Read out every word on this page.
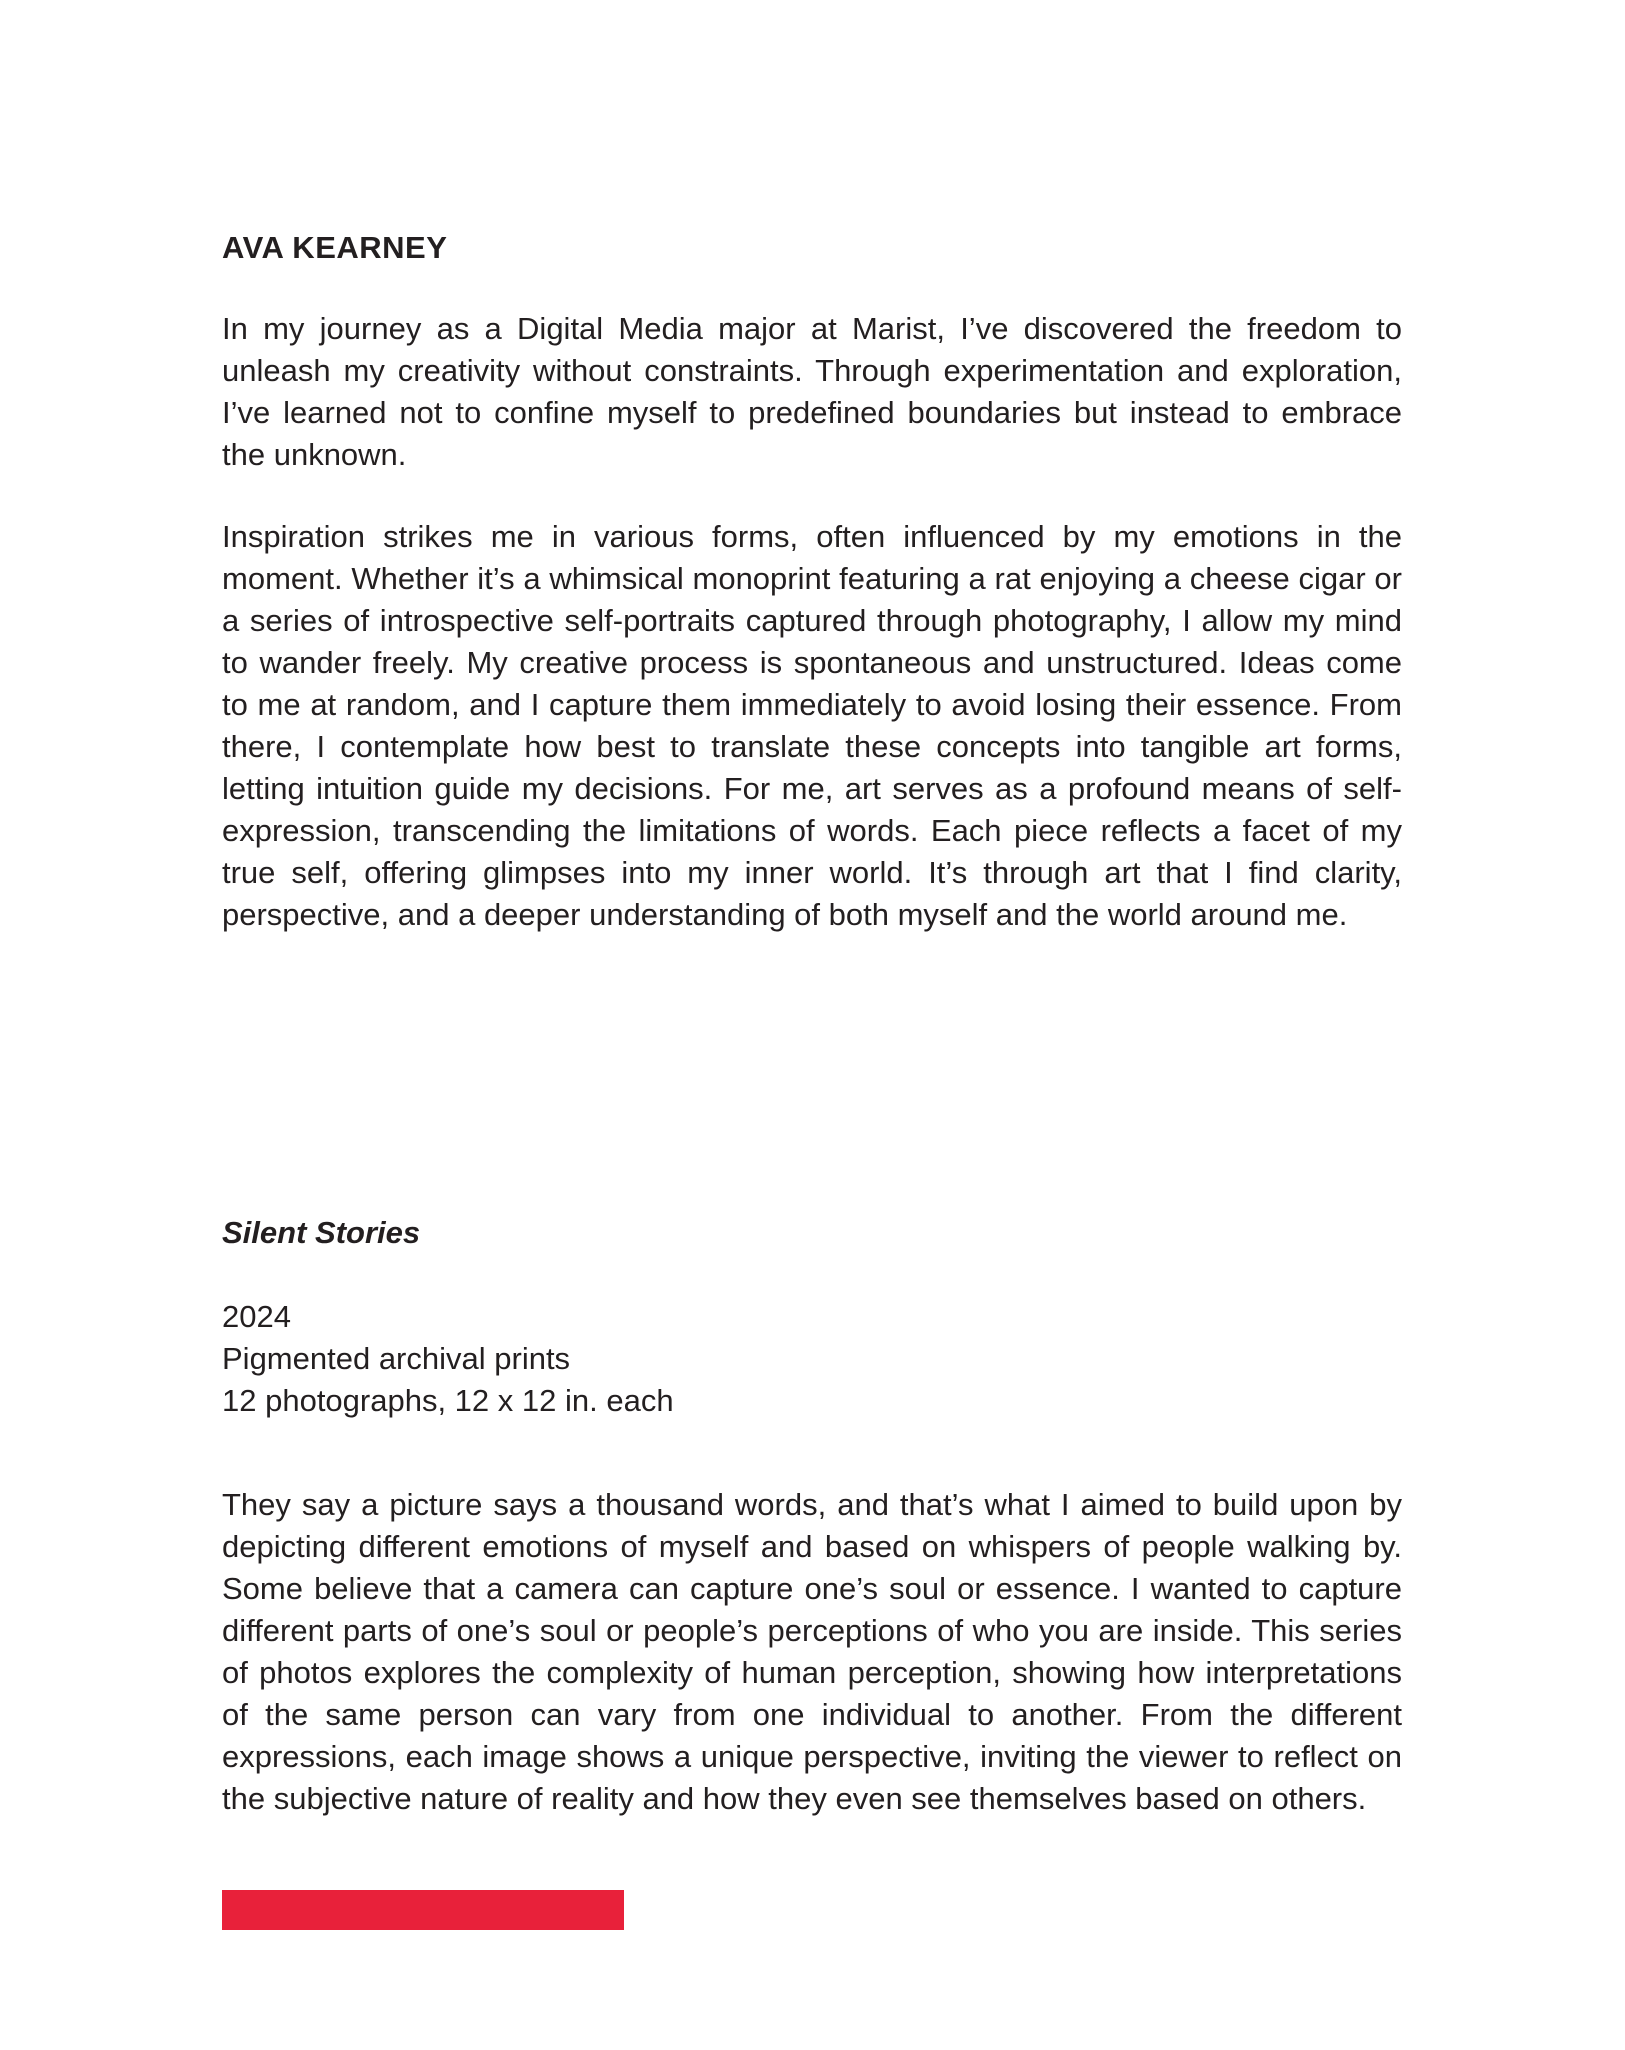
AVA KEARNEY

In my journey as a Digital Media major at Marist, I’ve discovered the freedom to unleash my creativity without constraints. Through experimentation and exploration, I’ve learned not to confine myself to predefined boundaries but instead to embrace the unknown.

Inspiration strikes me in various forms, often influenced by my emotions in the moment. Whether it’s a whimsical monoprint featuring a rat enjoying a cheese cigar or a series of introspective self-portraits captured through photography, I allow my mind to wander freely. My creative process is spontaneous and unstructured. Ideas come to me at random, and I capture them immediately to avoid losing their essence. From there, I contemplate how best to translate these concepts into tangible art forms, letting intuition guide my decisions. For me, art serves as a profound means of self-expression, transcending the limitations of words. Each piece reflects a facet of my true self, offering glimpses into my inner world. It’s through art that I find clarity, perspective, and a deeper understanding of both myself and the world around me.

Silent Stories
2024
Pigmented archival prints
12 photographs, 12 x 12 in. each

They say a picture says a thousand words, and that’s what I aimed to build upon by depicting different emotions of myself and based on whispers of people walking by. Some believe that a camera can capture one’s soul or essence. I wanted to capture different parts of one’s soul or people’s perceptions of who you are inside. This series of photos explores the complexity of human perception, showing how interpretations of the same person can vary from one individual to another. From the different expressions, each image shows a unique perspective, inviting the viewer to reflect on the subjective nature of reality and how they even see themselves based on others.
